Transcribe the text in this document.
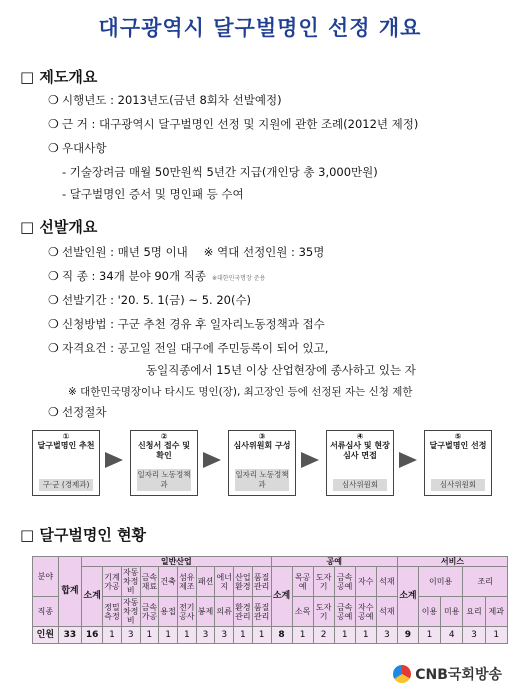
대구광역시 달구벌명인 선정 개요
□ 제도개요
❍ 시행년도 : 2013년도(금년 8회차 선발예정)
❍ 근 거 : 대구광역시 달구벌명인 선정 및 지원에 관한 조례(2012년 제정)
❍ 우대사항
- 기술장려금 매월 50만원씩 5년간 지급(개인당 총 3,000만원)
- 달구벌명인 증서 및 명인패 등 수여
□ 선발개요
❍ 선발인원 : 매년 5명 이내 ※ 역대 선정인원 : 35명
❍ 직 종 : 34개 분야 90개 직종 ※대한민국명장 준용
❍ 선발기간 : '20. 5. 1(금) ~ 5. 20(수)
❍ 신청방법 : 구군 추천 경유 후 일자리노동정책과 접수
❍ 자격요건 : 공고일 전일 대구에 주민등록이 되어 있고,
동일직종에서 15년 이상 산업현장에 종사하고 있는 자
※ 대한민국명장이나 타시도 명인(장), 최고장인 등에 선정된 자는 신청 제한
❍ 선정절차
①
달구벌명인 추천
구·군 (경제과)
②
신청서 접수 및 확인
일자리 노동정책과
③
심사위원회 구성
일자리 노동정책과
④
서류심사 및 현장심사 면접
심사위원회
⑤
달구벌명인 선정
심사위원회
□ 달구벌명인 현황
분야	합계	일반산업										공예						서비스				
		소계	기계가공	자동차정비	금속재료	건축	섬유제조	패션	에너지	산업환경	품질관리	소계	목공예	도자기	금속공예	자수	석재	소계	이미용		조리	
직종			정밀측정	자동차정비	금속가공	용접	전기공사	봉제	의류	환경관리	품질관리		소목	도자기	금속공예	자수공예	석재		이용	미용	요리	제과
인원	33	16	1	3	1	1	1	3	3	1	1	8	1	2	1	1	3	9	1	4	3	1
CNB국회방송
